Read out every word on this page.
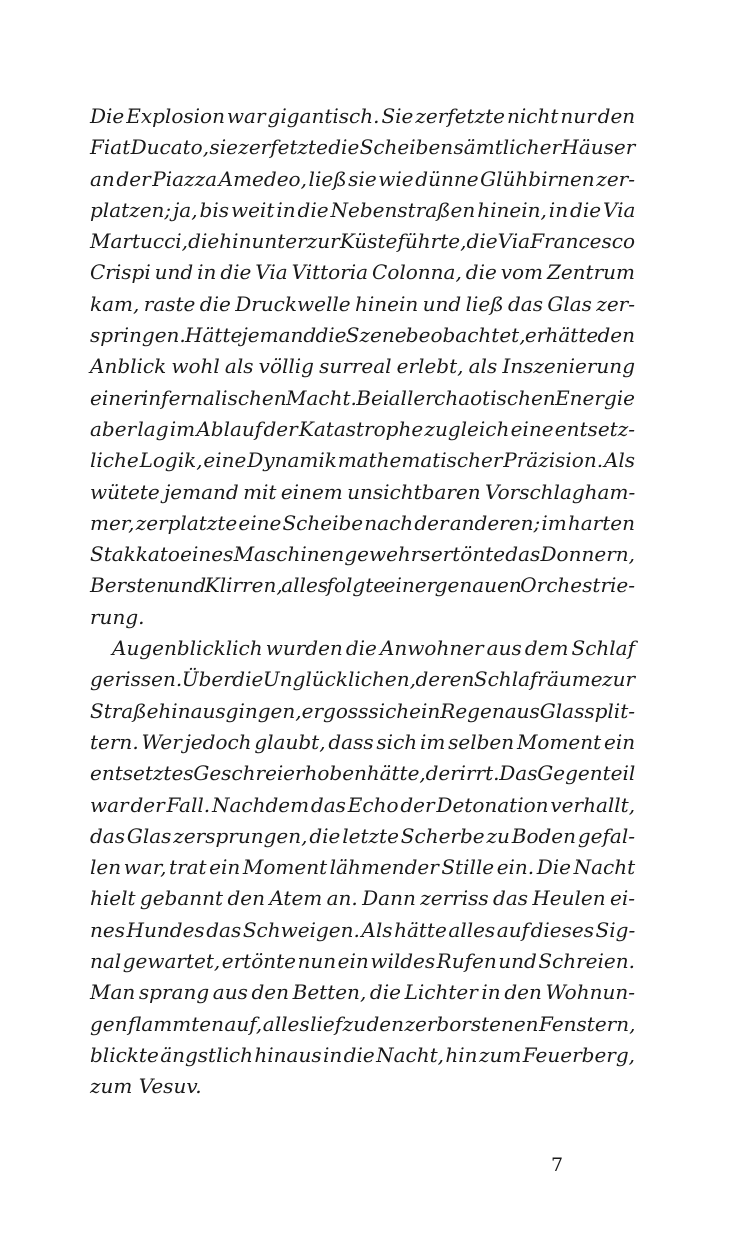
Die Explosion war gigantisch. Sie zerfetzte nicht nur den
Fiat Ducato, sie zerfetzte die Scheiben sämtlicher Häuser
an der Piazza Amedeo, ließ sie wie dünne Glühbirnen zer-
platzen; ja, bis weit in die Nebenstraßen hinein, in die Via
Martucci, die hinunter zur Küste führte, die Via Francesco
Crispi und in die Via Vittoria Colonna, die vom Zentrum
kam, raste die Druckwelle hinein und ließ das Glas zer-
springen. Hätte jemand die Szene beobachtet, er hätte den
Anblick wohl als völlig surreal erlebt, als Inszenierung
einer infernalischen Macht. Bei aller chaotischen Energie
aber lag im Ablauf der Katastrophe zugleich eine entsetz-
liche Logik, eine Dynamik mathematischer Präzision. Als
wütete jemand mit einem unsichtbaren Vorschlagham-
mer, zerplatzte eine Scheibe nach der anderen; im harten
Stakkato eines Maschinengewehrs ertönte das Donnern,
Bersten und Klirren, alles folgte einer genauen Orchestrie-
rung.
Augenblicklich wurden die Anwohner aus dem Schlaf
gerissen. Über die Unglücklichen, deren Schlafräume zur
Straße hinaus gingen, ergoss sich ein Regen aus Glassplit-
tern. Wer jedoch glaubt, dass sich im selben Moment ein
entsetztes Geschrei erhoben hätte, der irrt. Das Gegenteil
war der Fall. Nachdem das Echo der Detonation verhallt,
das Glas zersprungen, die letzte Scherbe zu Boden gefal-
len war, trat ein Moment lähmender Stille ein. Die Nacht
hielt gebannt den Atem an. Dann zerriss das Heulen ei-
nes Hundes das Schweigen. Als hätte alles auf dieses Sig-
nal gewartet, ertönte nun ein wildes Rufen und Schreien.
Man sprang aus den Betten, die Lichter in den Wohnun-
gen flammten auf, alles lief zu den zerborstenen Fenstern,
blickte ängstlich hinaus in die Nacht, hin zum Feuerberg,
zum Vesuv.
7
